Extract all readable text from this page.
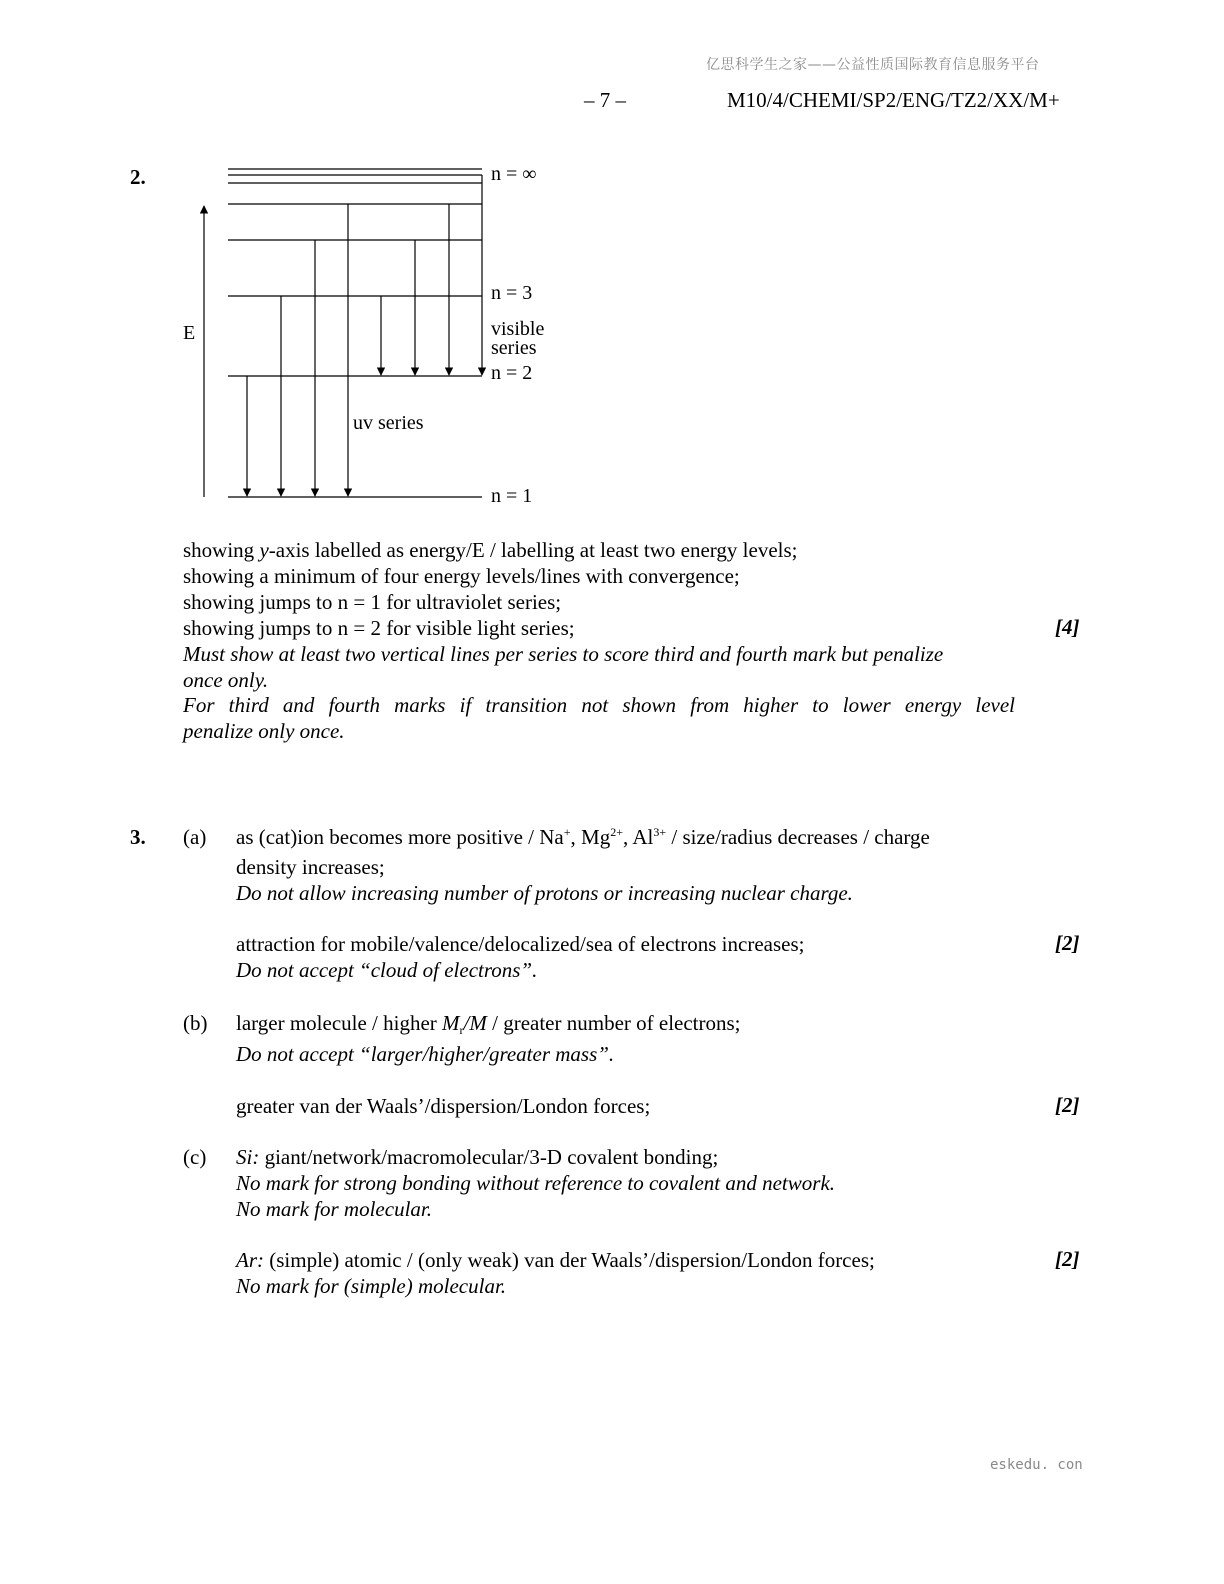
亿思科学生之家——公益性质国际教育信息服务平台
– 7 –	M10/4/CHEMI/SP2/ENG/TZ2/XX/M+
2.
E
n = ∞
n = 3
visible
series
n = 2
uv series
n = 1
showing y-axis labelled as energy/E / labelling at least two energy levels;
showing a minimum of four energy levels/lines with convergence;
showing jumps to n = 1 for ultraviolet series;
showing jumps to n = 2 for visible light series;	[4]
Must show at least two vertical lines per series to score third and fourth mark but penalize
once only.
For third and fourth marks if transition not shown from higher to lower energy level
penalize only once.
3. (a) as (cat)ion becomes more positive / Na+, $Mg^{2+}$, $Al^{3+}$ / size/radius decreases / charge
density increases;
Do not allow increasing number of protons or increasing nuclear charge.
attraction for mobile/valence/delocalized/sea of electrons increases;	[2]
Do not accept “cloud of electrons”.
(b) larger molecule / higher $M_r/M$ / greater number of electrons;
Do not accept “larger/higher/greater mass”.
greater van der Waals’/dispersion/London forces;	[2]
(c) Si: giant/network/macromolecular/3-D covalent bonding;
No mark for strong bonding without reference to covalent and network.
No mark for molecular.
Ar: (simple) atomic / (only weak) van der Waals’/dispersion/London forces;	[2]
No mark for (simple) molecular.
eskedu. con
